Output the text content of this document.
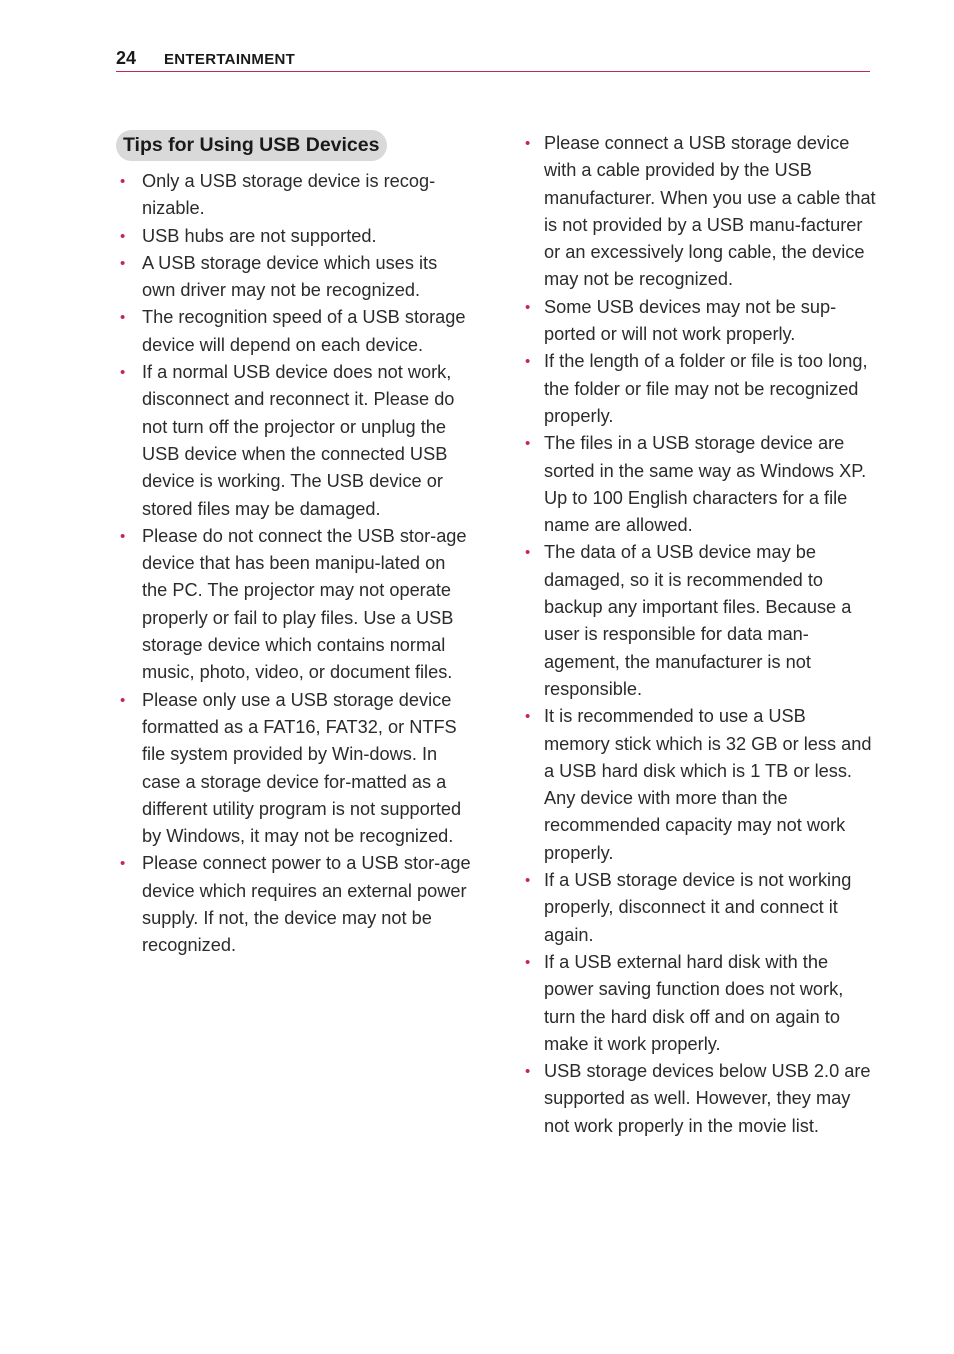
24 ENTERTAINMENT
Tips for Using USB Devices
• Only a USB storage device is recog-nizable.
• USB hubs are not supported.
• A USB storage device which uses its own driver may not be recognized.
• The recognition speed of a USB storage device will depend on each device.
• If a normal USB device does not work, disconnect and reconnect it. Please do not turn off the projector or unplug the USB device when the connected USB device is working. The USB device or stored files may be damaged.
• Please do not connect the USB stor-age device that has been manipu-lated on the PC. The projector may not operate properly or fail to play files. Use a USB storage device which contains normal music, photo, video, or document files.
• Please only use a USB storage device formatted as a FAT16, FAT32, or NTFS file system provided by Win-dows. In case a storage device for-matted as a different utility program is not supported by Windows, it may not be recognized.
• Please connect power to a USB stor-age device which requires an external power supply. If not, the device may not be recognized.
• Please connect a USB storage device with a cable provided by the USB manufacturer. When you use a cable that is not provided by a USB manu-facturer or an excessively long cable, the device may not be recognized.
• Some USB devices may not be sup-ported or will not work properly.
• If the length of a folder or file is too long, the folder or file may not be recognized properly.
• The files in a USB storage device are sorted in the same way as Windows XP. Up to 100 English characters for a file name are allowed.
• The data of a USB device may be damaged, so it is recommended to backup any important files. Because a user is responsible for data man-agement, the manufacturer is not responsible.
• It is recommended to use a USB memory stick which is 32 GB or less and a USB hard disk which is 1 TB or less. Any device with more than the recommended capacity may not work properly.
• If a USB storage device is not working properly, disconnect it and connect it again.
• If a USB external hard disk with the power saving function does not work, turn the hard disk off and on again to make it work properly.
• USB storage devices below USB 2.0 are supported as well. However, they may not work properly in the movie list.
